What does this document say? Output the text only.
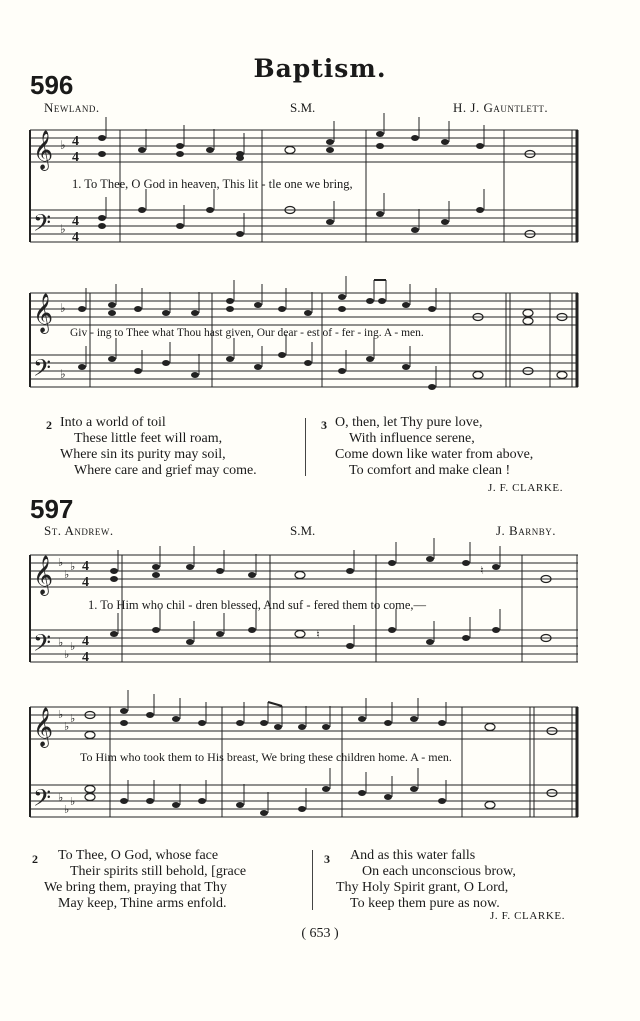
Baptism.
596
Newland.	S.M.	H. J. Gauntlett.
𝄞
𝄢
♭
♭
4
4
4
4
1. To Thee, O God in heaven, This lit - tle one we bring,
𝄞
𝄢
♭
♭
Giv - ing to Thee what Thou hast given, Our dear - est of - fer - ing. A - men.
2 Into a world of toil
These little feet will roam,
Where sin its purity may soil,
Where care and grief may come.
3 O, then, let Thy pure love,
With influence serene,
Come down like water from above,
To comfort and make clean !
J. F. CLARKE.
597
St. Andrew.	S.M.	J. Barnby.
𝄞
𝄢
♭
♭
♭
♭
♭
♭
4
4
4
4
♮
♮
1. To Him who chil - dren blessed, And suf - fered them to come,—
𝄞
𝄢
♭
♭
♭
♭
♭
♭
To Him who took them to His breast, We bring these children home. A - men.
2	To Thee, O God, whose face
Their spirits still behold, [grace
We bring them, praying that Thy
May keep, Thine arms enfold.
3	And as this water falls
On each unconscious brow,
Thy Holy Spirit grant, O Lord,
To keep them pure as now.
J. F. CLARKE.
( 653 )
